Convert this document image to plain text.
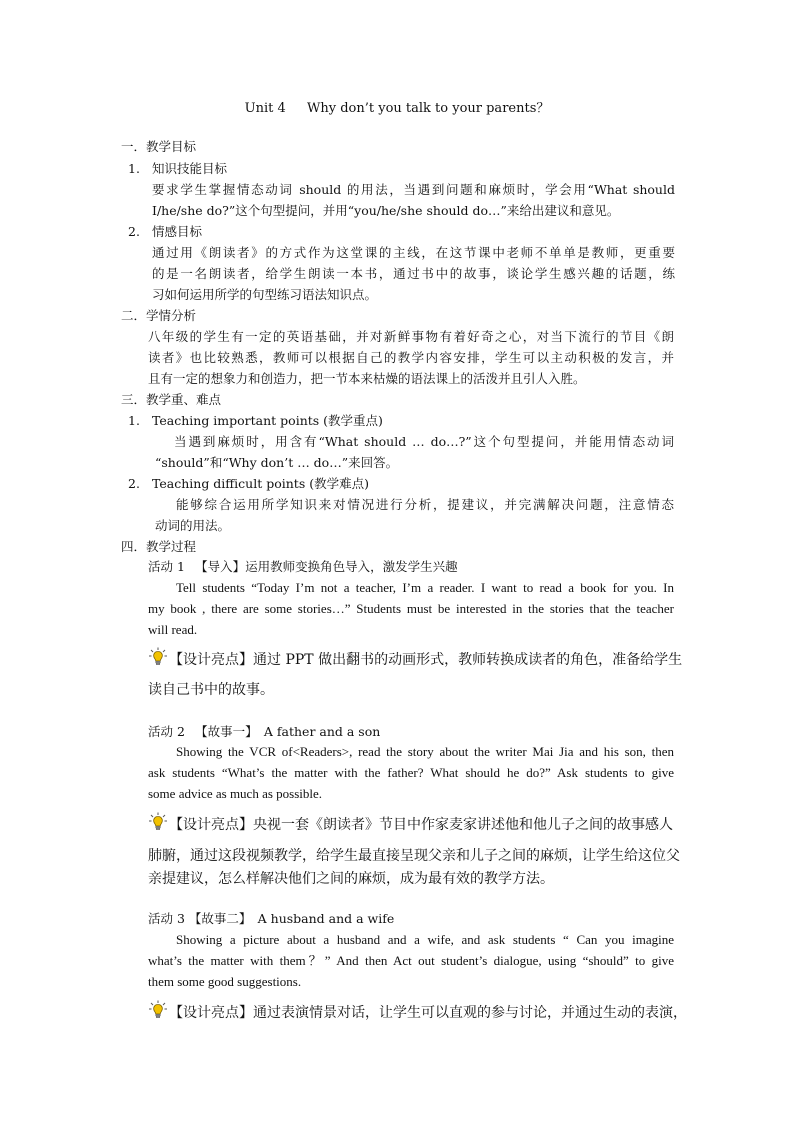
Unit 4 　 Why don’t you talk to your parents？
一．教学目标
1. 知识技能目标
要求学生掌握情态动词 should 的用法，当遇到问题和麻烦时，学会用“What should
I/he/she do?”这个句型提问，并用“you/he/she should do…”来给出建议和意见。
2. 情感目标
通过用《朗读者》的方式作为这堂课的主线，在这节课中老师不单单是教师，更重要
的是一名朗读者，给学生朗读一本书，通过书中的故事，谈论学生感兴趣的话题，练
习如何运用所学的句型练习语法知识点。
二．学情分析
八年级的学生有一定的英语基础，并对新鲜事物有着好奇之心，对当下流行的节目《朗
读者》也比较熟悉，教师可以根据自己的教学内容安排，学生可以主动积极的发言，并
且有一定的想象力和创造力，把一节本来枯燥的语法课上的活泼并且引人入胜。
三．教学重、难点
1. Teaching important points (教学重点)
当遇到麻烦时，用含有“What should … do…?”这个句型提问，并能用情态动词
“should”和“Why don’t … do…”来回答。
2. Teaching difficult points (教学难点)
能够综合运用所学知识来对情况进行分析，提建议，并完满解决问题，注意情态
动词的用法。
四．教学过程
活动 1 　【导入】运用教师变换角色导入，激发学生兴趣
Tell students “Today I’m not a teacher, I’m a reader. I want to read a book for you. In
my book , there are some stories…” Students must be interested in the stories that the teacher
will read.
【设计亮点】通过 PPT 做出翻书的动画形式，教师转换成读者的角色，准备给学生
读自己书中的故事。
活动 2 　【故事一】　A father and a son
Showing the VCR of<Readers>, read the story about the writer Mai Jia and his son, then
ask students “What’s the matter with the father? What should he do?” Ask students to give
some advice as much as possible.
【设计亮点】央视一套《朗读者》节目中作家麦家讲述他和他儿子之间的故事感人
肺腑，通过这段视频教学，给学生最直接呈现父亲和儿子之间的麻烦，让学生给这位父
亲提建议，怎么样解决他们之间的麻烦，成为最有效的教学方法。
活动 3 【故事二】　A husband and a wife
Showing a picture about a husband and a wife, and ask students “ Can you imagine
what’s the matter with them？” And then Act out student’s dialogue, using “should” to give
them some good suggestions.
【设计亮点】通过表演情景对话，让学生可以直观的参与讨论，并通过生动的表演，
